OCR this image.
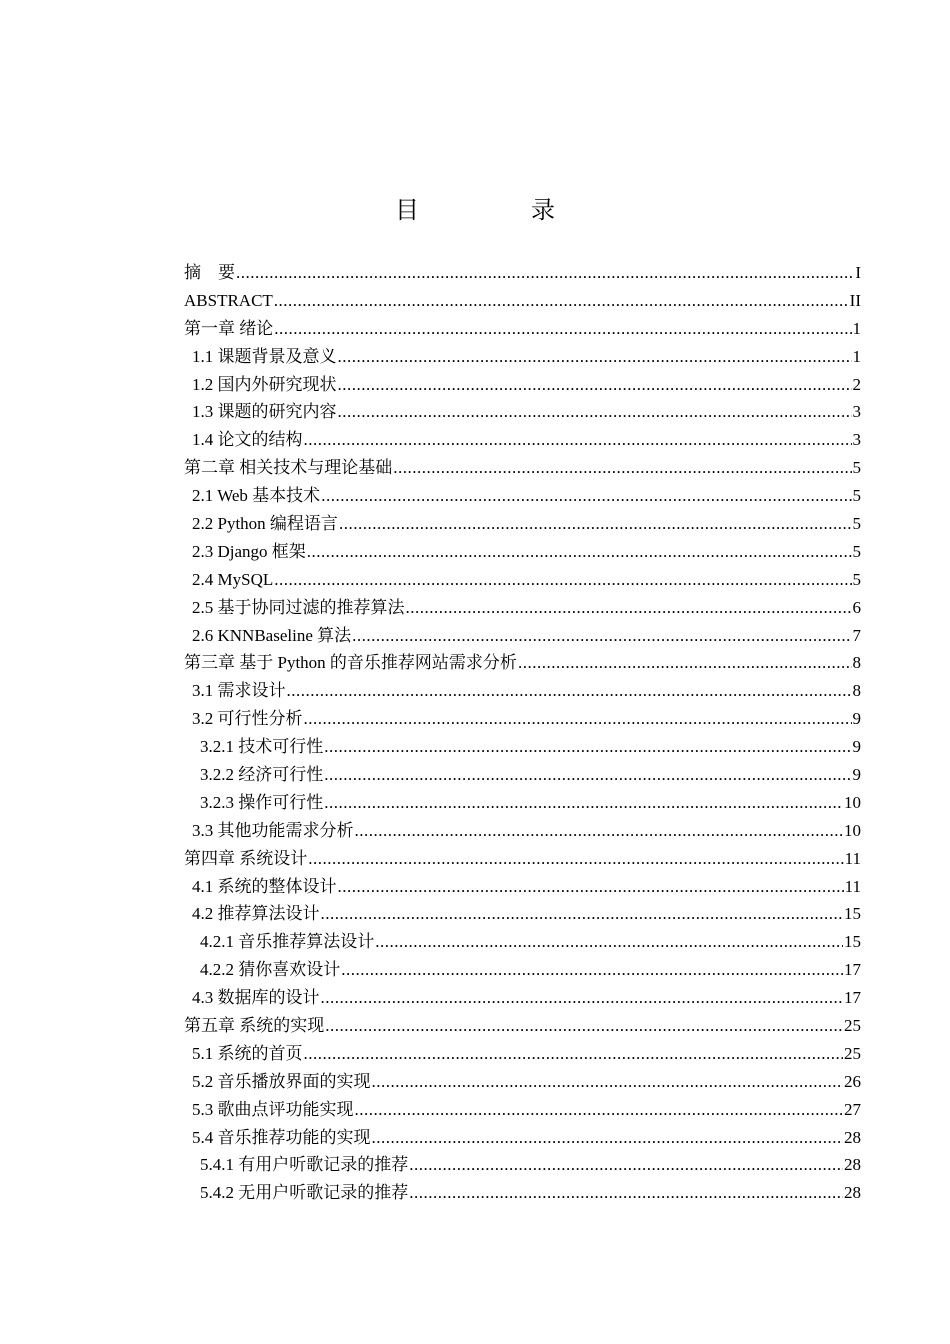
目　录
摘　要 .....	I
ABSTRACT .....	II
第一章 绪论 .....	1
1.1 课题背景及意义 .....	1
1.2 国内外研究现状 .....	2
1.3 课题的研究内容 .....	3
1.4 论文的结构 .....	3
第二章 相关技术与理论基础 .....	5
2.1 Web 基本技术 .....	5
2.2 Python 编程语言 .....	5
2.3 Django 框架 .....	5
2.4 MySQL .....	5
2.5 基于协同过滤的推荐算法 .....	6
2.6 KNNBaseline 算法 .....	7
第三章 基于 Python 的音乐推荐网站需求分析 .....	8
3.1 需求设计 .....	8
3.2 可行性分析 .....	9
3.2.1 技术可行性 .....	9
3.2.2 经济可行性 .....	9
3.2.3 操作可行性 .....	10
3.3 其他功能需求分析 .....	10
第四章 系统设计 .....	11
4.1 系统的整体设计 .....	11
4.2 推荐算法设计 .....	15
4.2.1 音乐推荐算法设计 .....	15
4.2.2 猜你喜欢设计 .....	17
4.3 数据库的设计 .....	17
第五章 系统的实现 .....	25
5.1 系统的首页 .....	25
5.2 音乐播放界面的实现 .....	26
5.3 歌曲点评功能实现 .....	27
5.4 音乐推荐功能的实现 .....	28
5.4.1 有用户听歌记录的推荐 .....	28
5.4.2 无用户听歌记录的推荐 .....	28
